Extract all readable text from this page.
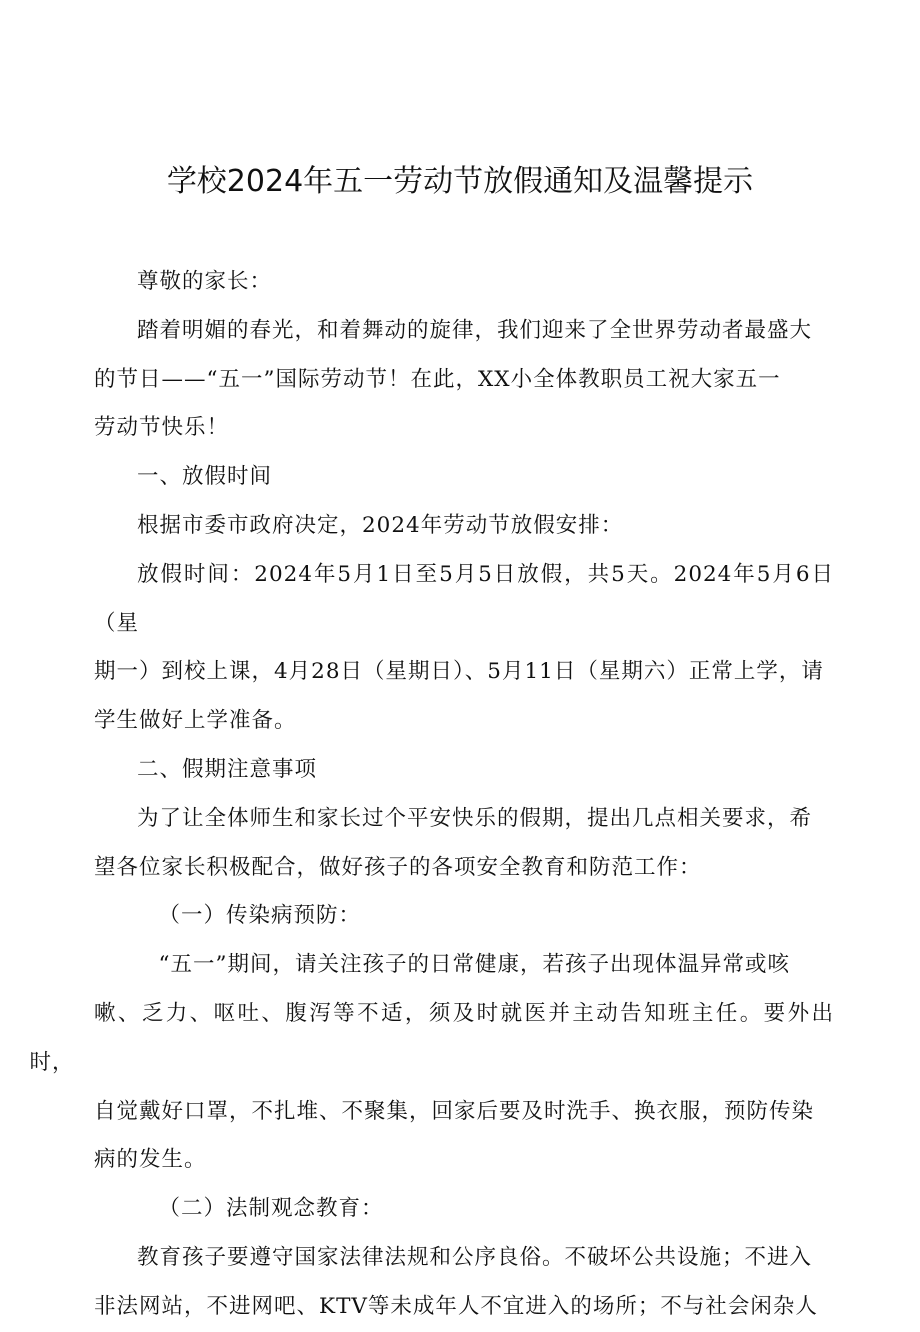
学校2024年五一劳动节放假通知及温馨提示

尊敬的家长：

踏着明媚的春光，和着舞动的旋律，我们迎来了全世界劳动者最盛大
的节日——“五一”国际劳动节！在此，XX小全体教职员工祝大家五一
劳动节快乐！

一、放假时间

根据市委市政府决定，2024年劳动节放假安排：

放假时间：2024年5月1日至5月5日放假，共5天。2024年5月6日（星
期一）到校上课，4月28日（星期日）、5月11日（星期六）正常上学，请
学生做好上学准备。

二、假期注意事项

为了让全体师生和家长过个平安快乐的假期，提出几点相关要求，希
望各位家长积极配合，做好孩子的各项安全教育和防范工作：

（一）传染病预防：

“五一”期间，请关注孩子的日常健康，若孩子出现体温异常或咳
嗽、乏力、呕吐、腹泻等不适，须及时就医并主动告知班主任。要外出时，
自觉戴好口罩，不扎堆、不聚集，回家后要及时洗手、换衣服，预防传染
病的发生。

（二）法制观念教育：

教育孩子要遵守国家法律法规和公序良俗。不破坏公共设施；不进入
非法网站，不进网吧、KTV等未成年人不宜进入的场所；不与社会闲杂人
